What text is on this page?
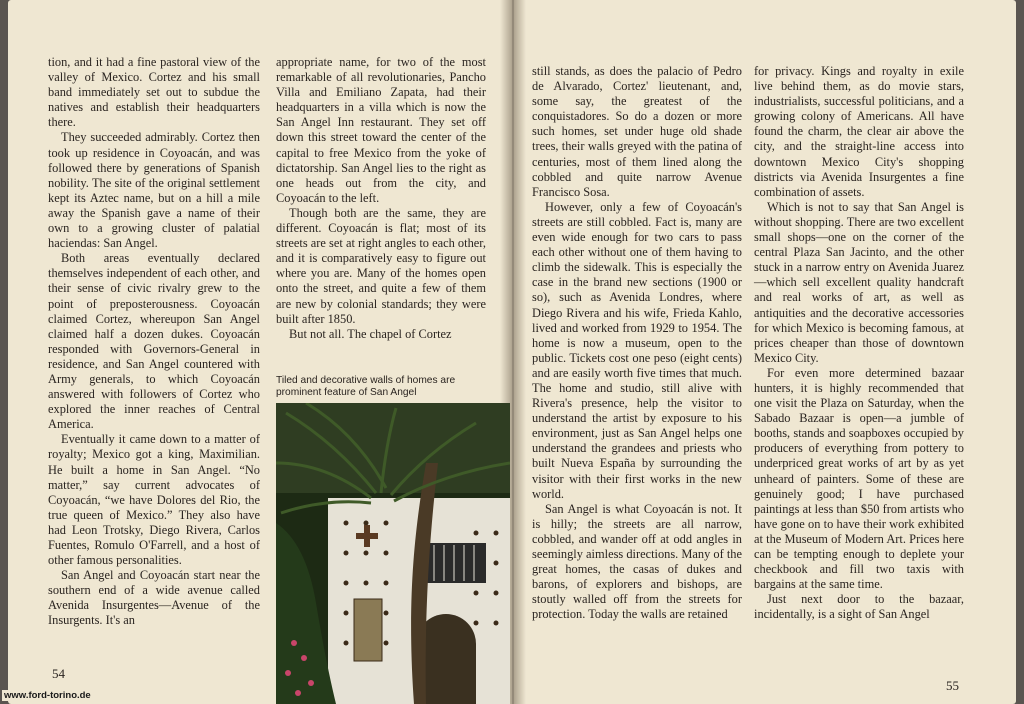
tion, and it had a fine pastoral view of the valley of Mexico. Cortez and his small band immediately set out to subdue the natives and establish their headquarters there.

They succeeded admirably. Cortez then took up residence in Coyoacán, and was followed there by generations of Spanish nobility. The site of the original settlement kept its Aztec name, but on a hill a mile away the Spanish gave a name of their own to a growing cluster of palatial haciendas: San Angel.

Both areas eventually declared themselves independent of each other, and their sense of civic rivalry grew to the point of preposterousness. Coyoacán claimed Cortez, whereupon San Angel claimed half a dozen dukes. Coyoacán responded with Governors-General in residence, and San Angel countered with Army generals, to which Coyoacán answered with followers of Cortez who explored the inner reaches of Central America.

Eventually it came down to a matter of royalty; Mexico got a king, Maximilian. He built a home in San Angel. “No matter,” say current advocates of Coyoacán, “we have Dolores del Rio, the true queen of Mexico.” They also have had Leon Trotsky, Diego Rivera, Carlos Fuentes, Romulo O'Farrell, and a host of other famous personalities.

San Angel and Coyoacán start near the southern end of a wide avenue called Avenida Insurgentes—Avenue of the Insurgents. It's an

appropriate name, for two of the most remarkable of all revolutionaries, Pancho Villa and Emiliano Zapata, had their headquarters in a villa which is now the San Angel Inn restaurant. They set off down this street toward the center of the capital to free Mexico from the yoke of dictatorship. San Angel lies to the right as one heads out from the city, and Coyoacán to the left.

Though both are the same, they are different. Coyoacán is flat; most of its streets are set at right angles to each other, and it is comparatively easy to figure out where you are. Many of the homes open onto the street, and quite a few of them are new by colonial standards; they were built after 1850.

But not all. The chapel of Cortez

Tiled and decorative walls of homes are prominent feature of San Angel

still stands, as does the palacio of Pedro de Alvarado, Cortez' lieutenant, and, some say, the greatest of the conquistadores. So do a dozen or more such homes, set under huge old shade trees, their walls greyed with the patina of centuries, most of them lined along the cobbled and quite narrow Avenue Francisco Sosa.

However, only a few of Coyoacán's streets are still cobbled. Fact is, many are even wide enough for two cars to pass each other without one of them having to climb the sidewalk. This is especially the case in the brand new sections (1900 or so), such as Avenida Londres, where Diego Rivera and his wife, Frieda Kahlo, lived and worked from 1929 to 1954. The home is now a museum, open to the public. Tickets cost one peso (eight cents) and are easily worth five times that much. The home and studio, still alive with Rivera's presence, help the visitor to understand the artist by exposure to his environment, just as San Angel helps one understand the grandees and priests who built Nueva España by surrounding the visitor with their first works in the new world.

San Angel is what Coyoacán is not. It is hilly; the streets are all narrow, cobbled, and wander off at odd angles in seemingly aimless directions. Many of the great homes, the casas of dukes and barons, of explorers and bishops, are stoutly walled off from the streets for protection. Today the walls are retained

for privacy. Kings and royalty in exile live behind them, as do movie stars, industrialists, successful politicians, and a growing colony of Americans. All have found the charm, the clear air above the city, and the straight-line access into downtown Mexico City's shopping districts via Avenida Insurgentes a fine combination of assets.

Which is not to say that San Angel is without shopping. There are two excellent small shops—one on the corner of the central Plaza San Jacinto, and the other stuck in a narrow entry on Avenida Juarez—which sell excellent quality handcraft and real works of art, as well as antiquities and the decorative accessories for which Mexico is becoming famous, at prices cheaper than those of downtown Mexico City.

For even more determined bazaar hunters, it is highly recommended that one visit the Plaza on Saturday, when the Sabado Bazaar is open—a jumble of booths, stands and soapboxes occupied by producers of everything from pottery to underpriced great works of art by as yet unheard of painters. Some of these are genuinely good; I have purchased paintings at less than $50 from artists who have gone on to have their work exhibited at the Museum of Modern Art. Prices here can be tempting enough to deplete your checkbook and fill two taxis with bargains at the same time.

Just next door to the bazaar, incidentally, is a sight of San Angel

54
55
www.ford-torino.de
